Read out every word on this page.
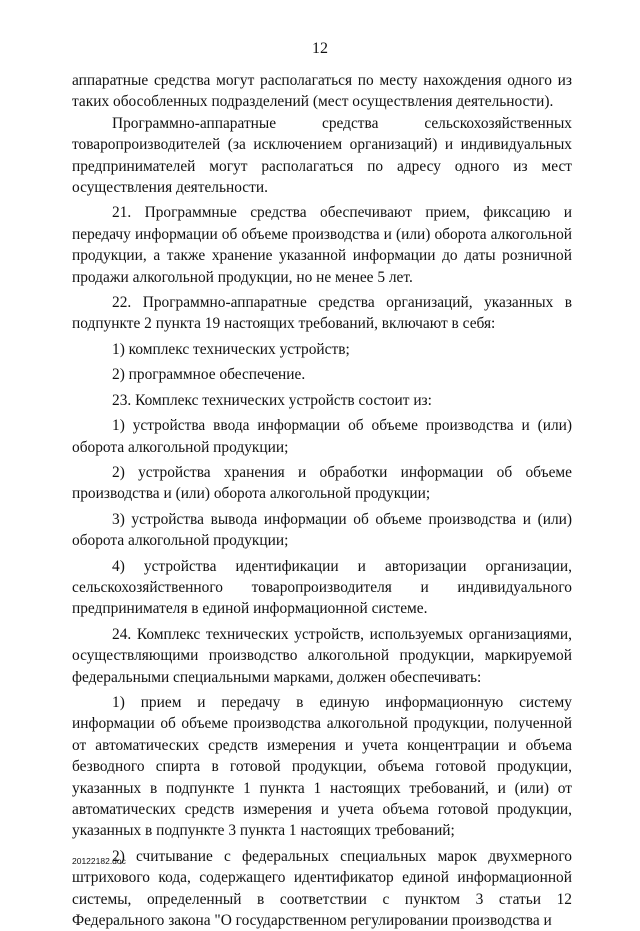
12

аппаратные средства могут располагаться по месту нахождения одного из таких обособленных подразделений (мест осуществления деятельности).

Программно-аппаратные средства сельскохозяйственных товаропроизводителей (за исключением организаций) и индивидуальных предпринимателей могут располагаться по адресу одного из мест осуществления деятельности.

21. Программные средства обеспечивают прием, фиксацию и передачу информации об объеме производства и (или) оборота алкогольной продукции, а также хранение указанной информации до даты розничной продажи алкогольной продукции, но не менее 5 лет.

22. Программно-аппаратные средства организаций, указанных в подпункте 2 пункта 19 настоящих требований, включают в себя:

1) комплекс технических устройств;

2) программное обеспечение.

23. Комплекс технических устройств состоит из:

1) устройства ввода информации об объеме производства и (или) оборота алкогольной продукции;

2) устройства хранения и обработки информации об объеме производства и (или) оборота алкогольной продукции;

3) устройства вывода информации об объеме производства и (или) оборота алкогольной продукции;

4) устройства идентификации и авторизации организации, сельскохозяйственного товаропроизводителя и индивидуального предпринимателя в единой информационной системе.

24. Комплекс технических устройств, используемых организациями, осуществляющими производство алкогольной продукции, маркируемой федеральными специальными марками, должен обеспечивать:

1) прием и передачу в единую информационную систему информации об объеме производства алкогольной продукции, полученной от автоматических средств измерения и учета концентрации и объема безводного спирта в готовой продукции, объема готовой продукции, указанных в подпункте 1 пункта 1 настоящих требований, и (или) от автоматических средств измерения и учета объема готовой продукции, указанных в подпункте 3 пункта 1 настоящих требований;

2) считывание с федеральных специальных марок двухмерного штрихового кода, содержащего идентификатор единой информационной системы, определенный в соответствии с пунктом 3 статьи 12 Федерального закона "О государственном регулировании производства и

20122182.doc
